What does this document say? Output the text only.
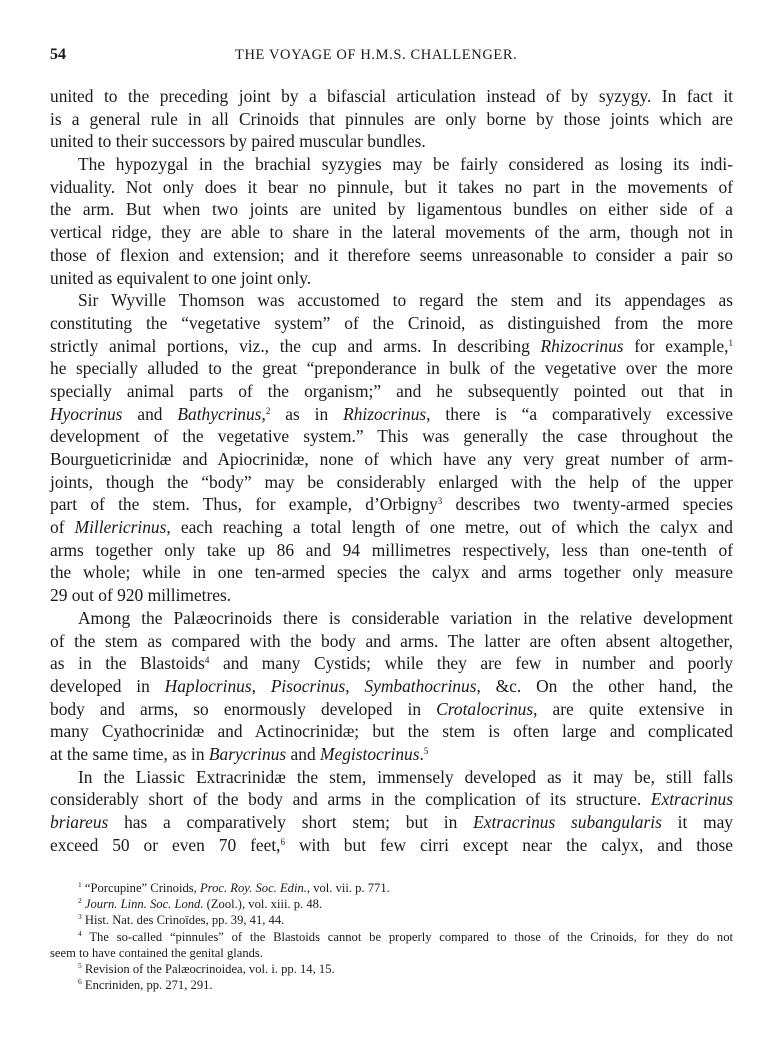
54	THE VOYAGE OF H.M.S. CHALLENGER.
united to the preceding joint by a bifascial articulation instead of by syzygy. In fact it
is a general rule in all Crinoids that pinnules are only borne by those joints which are
united to their successors by paired muscular bundles.
The hypozygal in the brachial syzygies may be fairly considered as losing its indi-
viduality. Not only does it bear no pinnule, but it takes no part in the movements of
the arm. But when two joints are united by ligamentous bundles on either side of a
vertical ridge, they are able to share in the lateral movements of the arm, though not in
those of flexion and extension; and it therefore seems unreasonable to consider a pair so
united as equivalent to one joint only.
Sir Wyville Thomson was accustomed to regard the stem and its appendages as
constituting the “vegetative system” of the Crinoid, as distinguished from the more
strictly animal portions, viz., the cup and arms. In describing Rhizocrinus for example,$^1$
he specially alluded to the great “preponderance in bulk of the vegetative over the more
specially animal parts of the organism;” and he subsequently pointed out that in
Hyocrinus and Bathycrinus,$^2$ as in Rhizocrinus, there is “a comparatively excessive
development of the vegetative system.” This was generally the case throughout the
Bourgueticrinidæ and Apiocrinidæ, none of which have any very great number of arm-
joints, though the “body” may be considerably enlarged with the help of the upper
part of the stem. Thus, for example, d’Orbigny$^3$ describes two twenty-armed species
of Millericrinus, each reaching a total length of one metre, out of which the calyx and
arms together only take up 86 and 94 millimetres respectively, less than one-tenth of
the whole; while in one ten-armed species the calyx and arms together only measure
29 out of 920 millimetres.
Among the Palæocrinoids there is considerable variation in the relative development
of the stem as compared with the body and arms. The latter are often absent altogether,
as in the Blastoids$^4$ and many Cystids; while they are few in number and poorly
developed in Haplocrinus, Pisocrinus, Symbathocrinus, &c. On the other hand, the
body and arms, so enormously developed in Crotalocrinus, are quite extensive in
many Cyathocrinidæ and Actinocrinidæ; but the stem is often large and complicated
at the same time, as in Barycrinus and Megistocrinus.$^5$
In the Liassic Extracrinidæ the stem, immensely developed as it may be, still falls
considerably short of the body and arms in the complication of its structure. Extracrinus
briareus has a comparatively short stem; but in Extracrinus subangularis it may
exceed 50 or even 70 feet,$^6$ with but few cirri except near the calyx, and those
$^1$ “Porcupine” Crinoids, Proc. Roy. Soc. Edin., vol. vii. p. 771.
$^2$ Journ. Linn. Soc. Lond. (Zool.), vol. xiii. p. 48.
$^3$ Hist. Nat. des Crinoïdes, pp. 39, 41, 44.
$^4$ The so-called “pinnules” of the Blastoids cannot be properly compared to those of the Crinoids, for they do not
seem to have contained the genital glands.
$^5$ Revision of the Palæocrinoidea, vol. i. pp. 14, 15.
$^6$ Encriniden, pp. 271, 291.
